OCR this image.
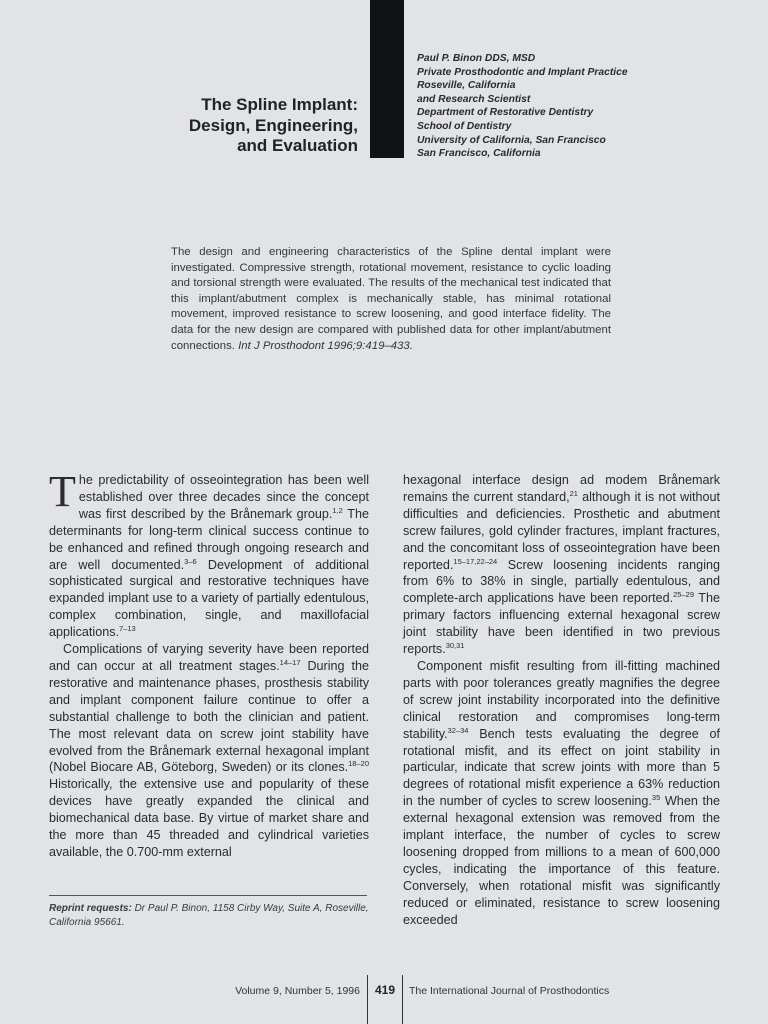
The Spline Implant:
Design, Engineering,
and Evaluation
Paul P. Binon DDS, MSD
Private Prosthodontic and Implant Practice
Roseville, California
and Research Scientist
Department of Restorative Dentistry
School of Dentistry
University of California, San Francisco
San Francisco, California
The design and engineering characteristics of the Spline dental implant were investigated. Compressive strength, rotational movement, resistance to cyclic loading and torsional strength were evaluated. The results of the mechanical test indicated that this implant/abutment complex is mechanically stable, has minimal rotational movement, improved resistance to screw loosening, and good interface fidelity. The data for the new design are compared with published data for other implant/abutment connections. Int J Prosthodont 1996;9:419–433.

The predictability of osseointegration has been well established over three decades since the concept was first described by the Brånemark group.$^{1,2}$ The determinants for long-term clinical success continue to be enhanced and refined through ongoing research and are well documented.$^{3-6}$ Development of additional sophisticated surgical and restorative techniques have expanded implant use to a variety of partially edentulous, complex combination, single, and maxillofacial applications.$^{7-13}$

Complications of varying severity have been reported and can occur at all treatment stages.$^{14-17}$ During the restorative and maintenance phases, prosthesis stability and implant component failure continue to offer a substantial challenge to both the clinician and patient. The most relevant data on screw joint stability have evolved from the Brånemark external hexagonal implant (Nobel Biocare AB, Göteborg, Sweden) or its clones.$^{18-20}$ Historically, the extensive use and popularity of these devices have greatly expanded the clinical and biomechanical data base. By virtue of market share and the more than 45 threaded and cylindrical varieties available, the 0.700-mm external

hexagonal interface design ad modem Brånemark remains the current standard,$^{21}$ although it is not without difficulties and deficiencies. Prosthetic and abutment screw failures, gold cylinder fractures, implant fractures, and the concomitant loss of osseointegration have been reported.$^{15-17,22-24}$ Screw loosening incidents ranging from 6% to 38% in single, partially edentulous, and complete-arch applications have been reported.$^{25-29}$ The primary factors influencing external hexagonal screw joint stability have been identified in two previous reports.$^{30,31}$

Component misfit resulting from ill-fitting machined parts with poor tolerances greatly magnifies the degree of screw joint instability incorporated into the definitive clinical restoration and compromises long-term stability.$^{32-34}$ Bench tests evaluating the degree of rotational misfit, and its effect on joint stability in particular, indicate that screw joints with more than 5 degrees of rotational misfit experience a 63% reduction in the number of cycles to screw loosening.$^{35}$ When the external hexagonal extension was removed from the implant interface, the number of cycles to screw loosening dropped from millions to a mean of 600,000 cycles, indicating the importance of this feature. Conversely, when rotational misfit was significantly reduced or eliminated, resistance to screw loosening exceeded

Reprint requests: Dr Paul P. Binon, 1158 Cirby Way, Suite A, Roseville, California 95661.
Volume 9, Number 5, 1996	419	The International Journal of Prosthodontics
